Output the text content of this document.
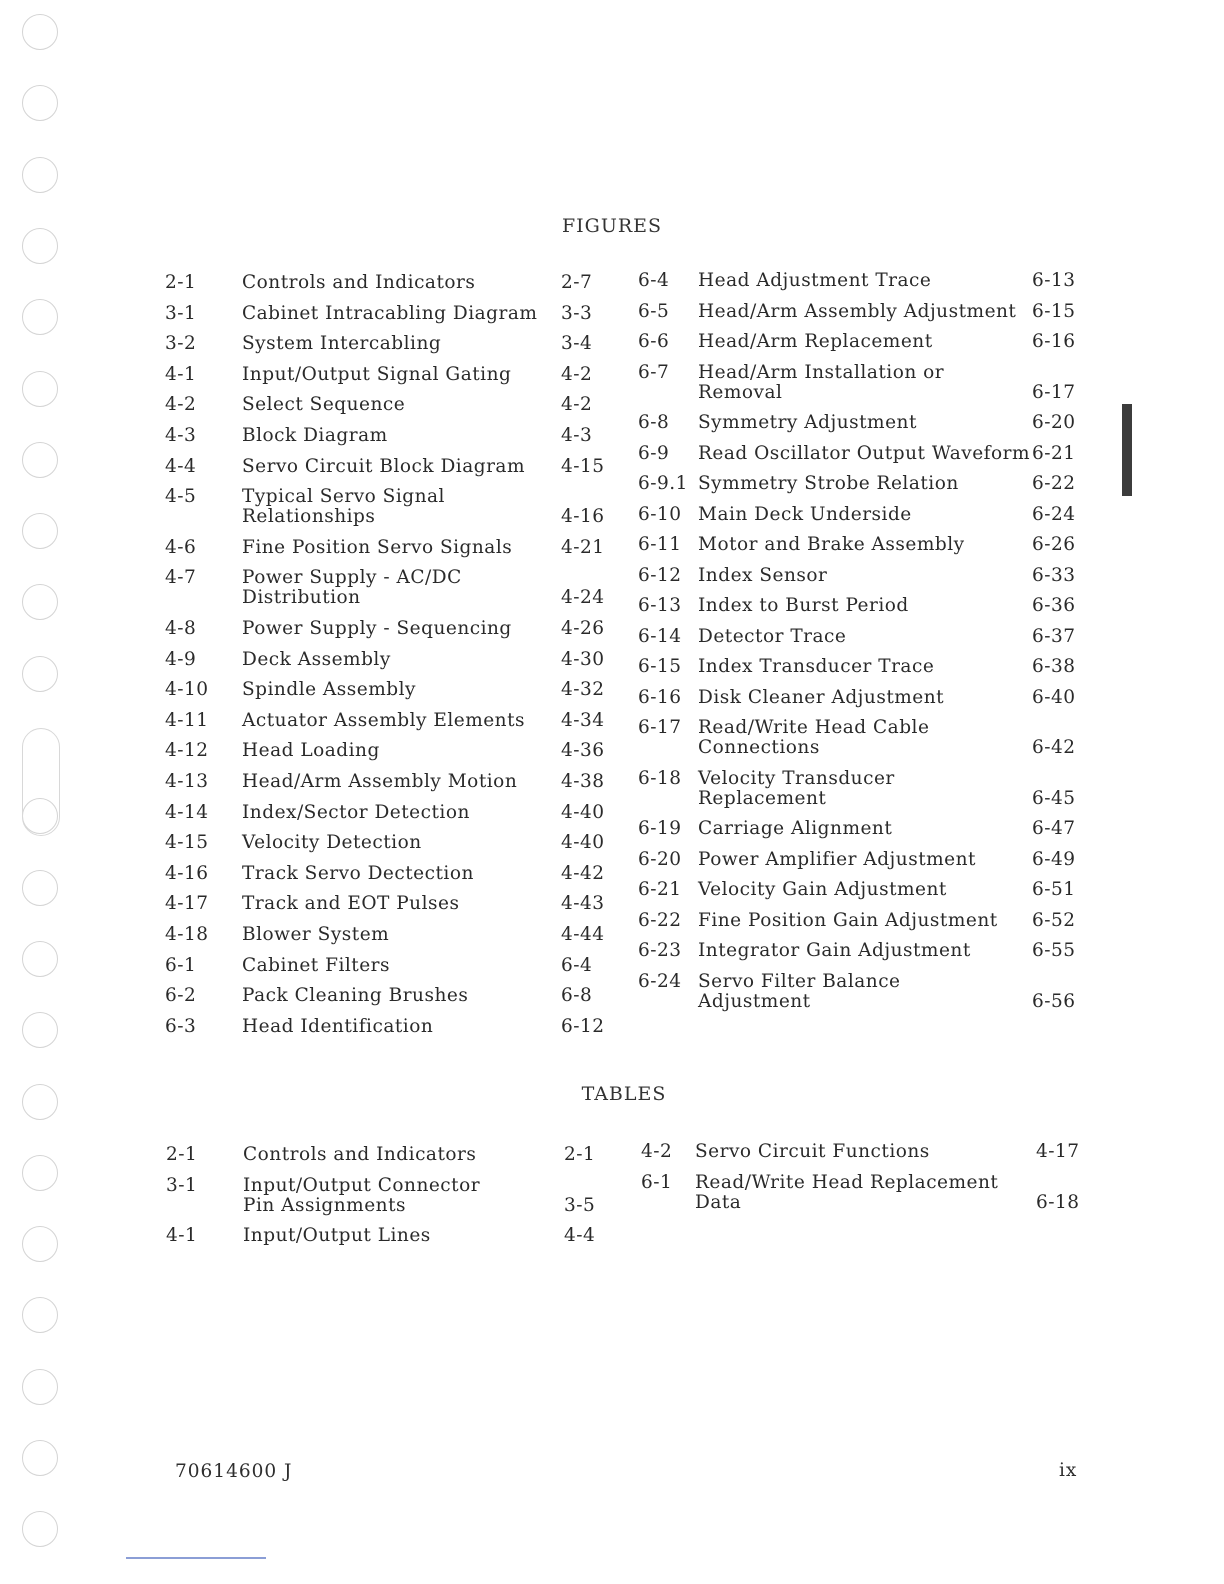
FIGURES
2-1 Controls and Indicators	2-7
3-1 Cabinet Intracabling Diagram 3-3
3-2 System Intercabling	3-4
4-1 Input/Output Signal Gating	4-2
4-2 Select Sequence	4-2
4-3 Block Diagram	4-3
4-4 Servo Circuit Block Diagram 4-15
4-5 Typical Servo Signal
Relationships	4-16
4-6 Fine Position Servo Signals	4-21
4-7 Power Supply - AC/DC
Distribution	4-24
4-8 Power Supply - Sequencing	4-26
4-9 Deck Assembly	4-30
4-10 Spindle Assembly	4-32
4-11 Actuator Assembly Elements 4-34
4-12 Head Loading	4-36
4-13 Head/Arm Assembly Motion 4-38
4-14 Index/Sector Detection	4-40
4-15 Velocity Detection	4-40
4-16 Track Servo Dectection	4-42
4-17 Track and EOT Pulses	4-43
4-18 Blower System	4-44
6-1 Cabinet Filters	6-4
6-2 Pack Cleaning Brushes	6-8
6-3 Head Identification	6-12
6-4 Head Adjustment Trace	6-13
6-5 Head/Arm Assembly Adjustment 6-15
6-6 Head/Arm Replacement	6-16
6-7 Head/Arm Installation or
Removal	6-17
6-8 Symmetry Adjustment	6-20
6-9 Read Oscillator Output Waveform 6-21
6-9.1 Symmetry Strobe Relation	6-22
6-10 Main Deck Underside	6-24
6-11 Motor and Brake Assembly	6-26
6-12 Index Sensor	6-33
6-13 Index to Burst Period	6-36
6-14 Detector Trace	6-37
6-15 Index Transducer Trace	6-38
6-16 Disk Cleaner Adjustment	6-40
6-17 Read/Write Head Cable
Connections	6-42
6-18 Velocity Transducer
Replacement	6-45
6-19 Carriage Alignment	6-47
6-20 Power Amplifier Adjustment	6-49
6-21 Velocity Gain Adjustment	6-51
6-22 Fine Position Gain Adjustment 6-52
6-23 Integrator Gain Adjustment	6-55
6-24 Servo Filter Balance
Adjustment	6-56
TABLES
2-1 Controls and Indicators	2-1
3-1 Input/Output Connector
Pin Assignments	3-5
4-1 Input/Output Lines	4-4
4-2 Servo Circuit Functions	4-17
6-1 Read/Write Head Replacement
Data	6-18
70614600 J	ix
